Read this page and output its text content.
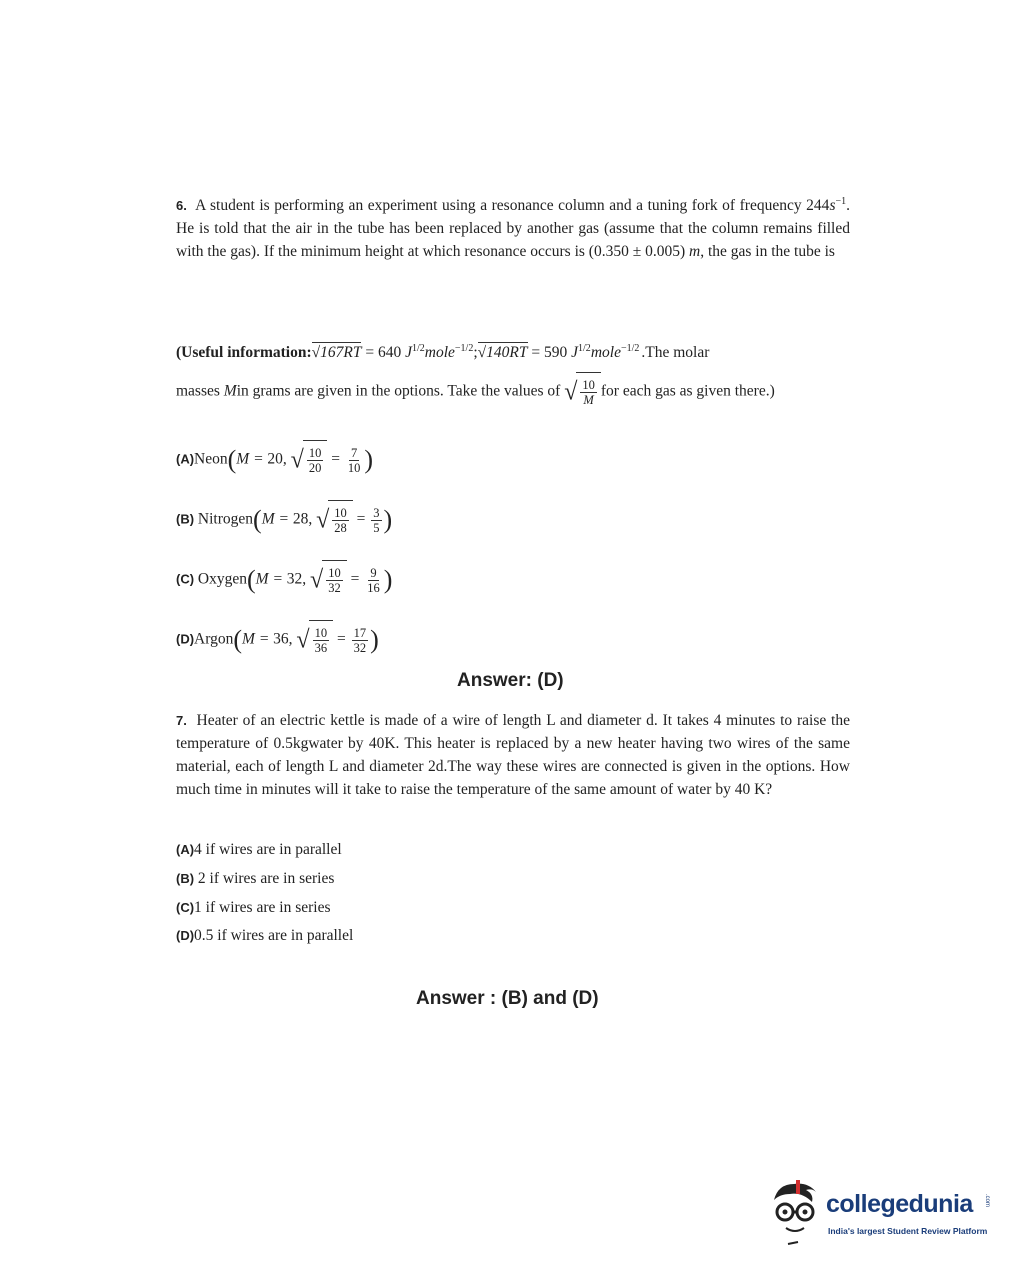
6. A student is performing an experiment using a resonance column and a tuning fork of frequency $244s^{-1}$. He is told that the air in the tube has been replaced by another gas (assume that the column remains filled with the gas). If the minimum height at which resonance occurs is (0.350 ± 0.005) m, the gas in the tube is
(Useful information:√167RT = 640 $J^{1/2}mole^{-1/2};√140RT = 590$ $J^{1/2}mole^{-1/2}$ .The molar
masses Min grams are given in the options. Take the values of √ $\frac{10}{M}$ for each gas as given there.)
(A)Neon(M = 20, √ $\frac{10}{20} = \frac{7}{10}$ )
(B) Nitrogen(M = 28, √ $\frac{10}{28} = \frac{3}{5}$ )
(C) Oxygen(M = 32, √ $\frac{10}{32} = \frac{9}{16}$ )
(D)Argon(M = 36, √ $\frac{10}{36} = \frac{17}{32}$ )
Answer: (D)
7. Heater of an electric kettle is made of a wire of length L and diameter d. It takes 4 minutes to raise the temperature of 0.5kgwater by 40K. This heater is replaced by a new heater having two wires of the same material, each of length L and diameter 2d.The way these wires are connected is given in the options. How much time in minutes will it take to raise the temperature of the same amount of water by 40 K?
(A)4 if wires are in parallel
(B) 2 if wires are in series
(C)1 if wires are in series
(D)0.5 if wires are in parallel
Answer : (B) and (D)
collegedunia .com
India's largest Student Review Platform
